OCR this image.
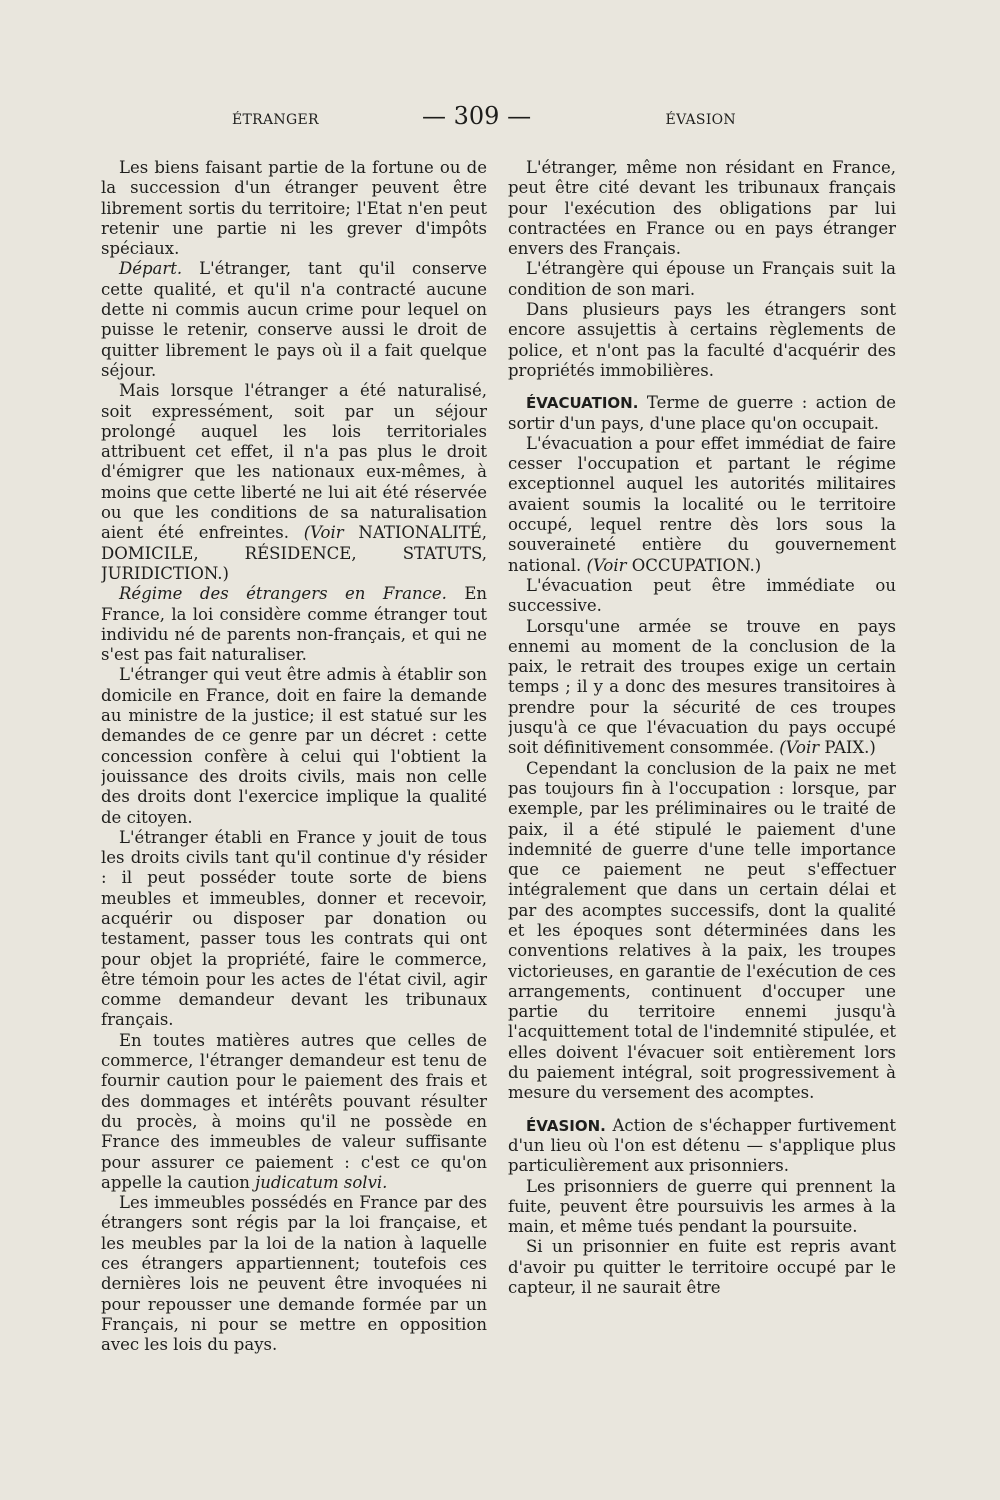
ÉTRANGER	— 309 —	ÉVASION

Les biens faisant partie de la fortune ou de la succession d'un étranger peuvent être librement sortis du territoire; l'Etat n'en peut retenir une partie ni les grever d'impôts spéciaux.

Départ. L'étranger, tant qu'il conserve cette qualité, et qu'il n'a contracté aucune dette ni commis aucun crime pour lequel on puisse le retenir, conserve aussi le droit de quitter librement le pays où il a fait quelque séjour.

Mais lorsque l'étranger a été naturalisé, soit expressément, soit par un séjour prolongé auquel les lois territoriales attribuent cet effet, il n'a pas plus le droit d'émigrer que les nationaux eux-mêmes, à moins que cette liberté ne lui ait été réservée ou que les conditions de sa naturalisation aient été enfreintes. (Voir NATIONALITÉ, DOMICILE, RÉSIDENCE, STATUTS, JURIDICTION.)

Régime des étrangers en France. En France, la loi considère comme étranger tout individu né de parents non-français, et qui ne s'est pas fait naturaliser.

L'étranger qui veut être admis à établir son domicile en France, doit en faire la demande au ministre de la justice; il est statué sur les demandes de ce genre par un décret : cette concession confère à celui qui l'obtient la jouissance des droits civils, mais non celle des droits dont l'exercice implique la qualité de citoyen.

L'étranger établi en France y jouit de tous les droits civils tant qu'il continue d'y résider : il peut posséder toute sorte de biens meubles et immeubles, donner et recevoir, acquérir ou disposer par donation ou testament, passer tous les contrats qui ont pour objet la propriété, faire le commerce, être témoin pour les actes de l'état civil, agir comme demandeur devant les tribunaux français.

En toutes matières autres que celles de commerce, l'étranger demandeur est tenu de fournir caution pour le paiement des frais et des dommages et intérêts pouvant résulter du procès, à moins qu'il ne possède en France des immeubles de valeur suffisante pour assurer ce paiement : c'est ce qu'on appelle la caution judicatum solvi.

Les immeubles possédés en France par des étrangers sont régis par la loi française, et les meubles par la loi de la nation à laquelle ces étrangers appartiennent; toutefois ces dernières lois ne peuvent être invoquées ni pour repousser une demande formée par un Français, ni pour se mettre en opposition avec les lois du pays.

L'étranger, même non résidant en France, peut être cité devant les tribunaux français pour l'exécution des obligations par lui contractées en France ou en pays étranger envers des Français.

L'étrangère qui épouse un Français suit la condition de son mari.

Dans plusieurs pays les étrangers sont encore assujettis à certains règlements de police, et n'ont pas la faculté d'acquérir des propriétés immobilières.

ÉVACUATION. Terme de guerre : action de sortir d'un pays, d'une place qu'on occupait.

L'évacuation a pour effet immédiat de faire cesser l'occupation et partant le régime exceptionnel auquel les autorités militaires avaient soumis la localité ou le territoire occupé, lequel rentre dès lors sous la souveraineté entière du gouvernement national. (Voir OCCUPATION.)

L'évacuation peut être immédiate ou successive.

Lorsqu'une armée se trouve en pays ennemi au moment de la conclusion de la paix, le retrait des troupes exige un certain temps ; il y a donc des mesures transitoires à prendre pour la sécurité de ces troupes jusqu'à ce que l'évacuation du pays occupé soit définitivement consommée. (Voir PAIX.)

Cependant la conclusion de la paix ne met pas toujours fin à l'occupation : lorsque, par exemple, par les préliminaires ou le traité de paix, il a été stipulé le paiement d'une indemnité de guerre d'une telle importance que ce paiement ne peut s'effectuer intégralement que dans un certain délai et par des acomptes successifs, dont la qualité et les époques sont déterminées dans les conventions relatives à la paix, les troupes victorieuses, en garantie de l'exécution de ces arrangements, continuent d'occuper une partie du territoire ennemi jusqu'à l'acquittement total de l'indemnité stipulée, et elles doivent l'évacuer soit entièrement lors du paiement intégral, soit progressivement à mesure du versement des acomptes.

ÉVASION. Action de s'échapper furtivement d'un lieu où l'on est détenu — s'applique plus particulièrement aux prisonniers.

Les prisonniers de guerre qui prennent la fuite, peuvent être poursuivis les armes à la main, et même tués pendant la poursuite.

Si un prisonnier en fuite est repris avant d'avoir pu quitter le territoire occupé par le capteur, il ne saurait être
